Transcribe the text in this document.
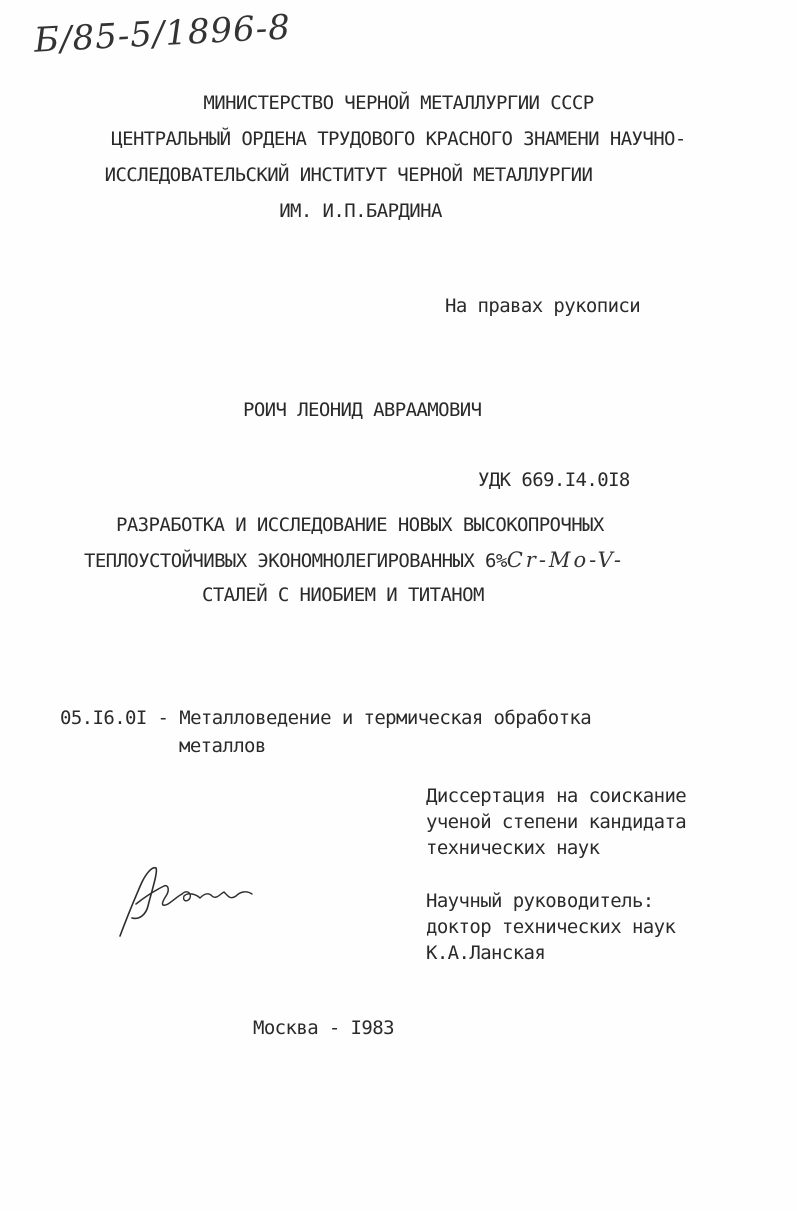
Б/85-5/1896-8
МИНИСТЕРСТВО ЧЕРНОЙ МЕТАЛЛУРГИИ СССР
ЦЕНТРАЛЬНЫЙ ОРДЕНА ТРУДОВОГО КРАСНОГО ЗНАМЕНИ НАУЧНО-
ИССЛЕДОВАТЕЛЬСКИЙ ИНСТИТУТ ЧЕРНОЙ МЕТАЛЛУРГИИ
ИМ. И.П.БАРДИНА
На правах рукописи
РОИЧ ЛЕОНИД АВРААМОВИЧ
УДК 669.I4.0I8
РАЗРАБОТКА И ИССЛЕДОВАНИЕ НОВЫХ ВЫСОКОПРОЧНЫХ
ТЕПЛОУСТОЙЧИВЫХ ЭКОНОМНОЛЕГИРОВАННЫХ 6%Cr-Mo-V-
СТАЛЕЙ С НИОБИЕМ И ТИТАНОМ
05.I6.0I - Металловедение и термическая обработка
металлов
Диссертация на соискание
ученой степени кандидата
технических наук
Научный руководитель:
доктор технических наук
К.А.Ланская
Москва - I983
